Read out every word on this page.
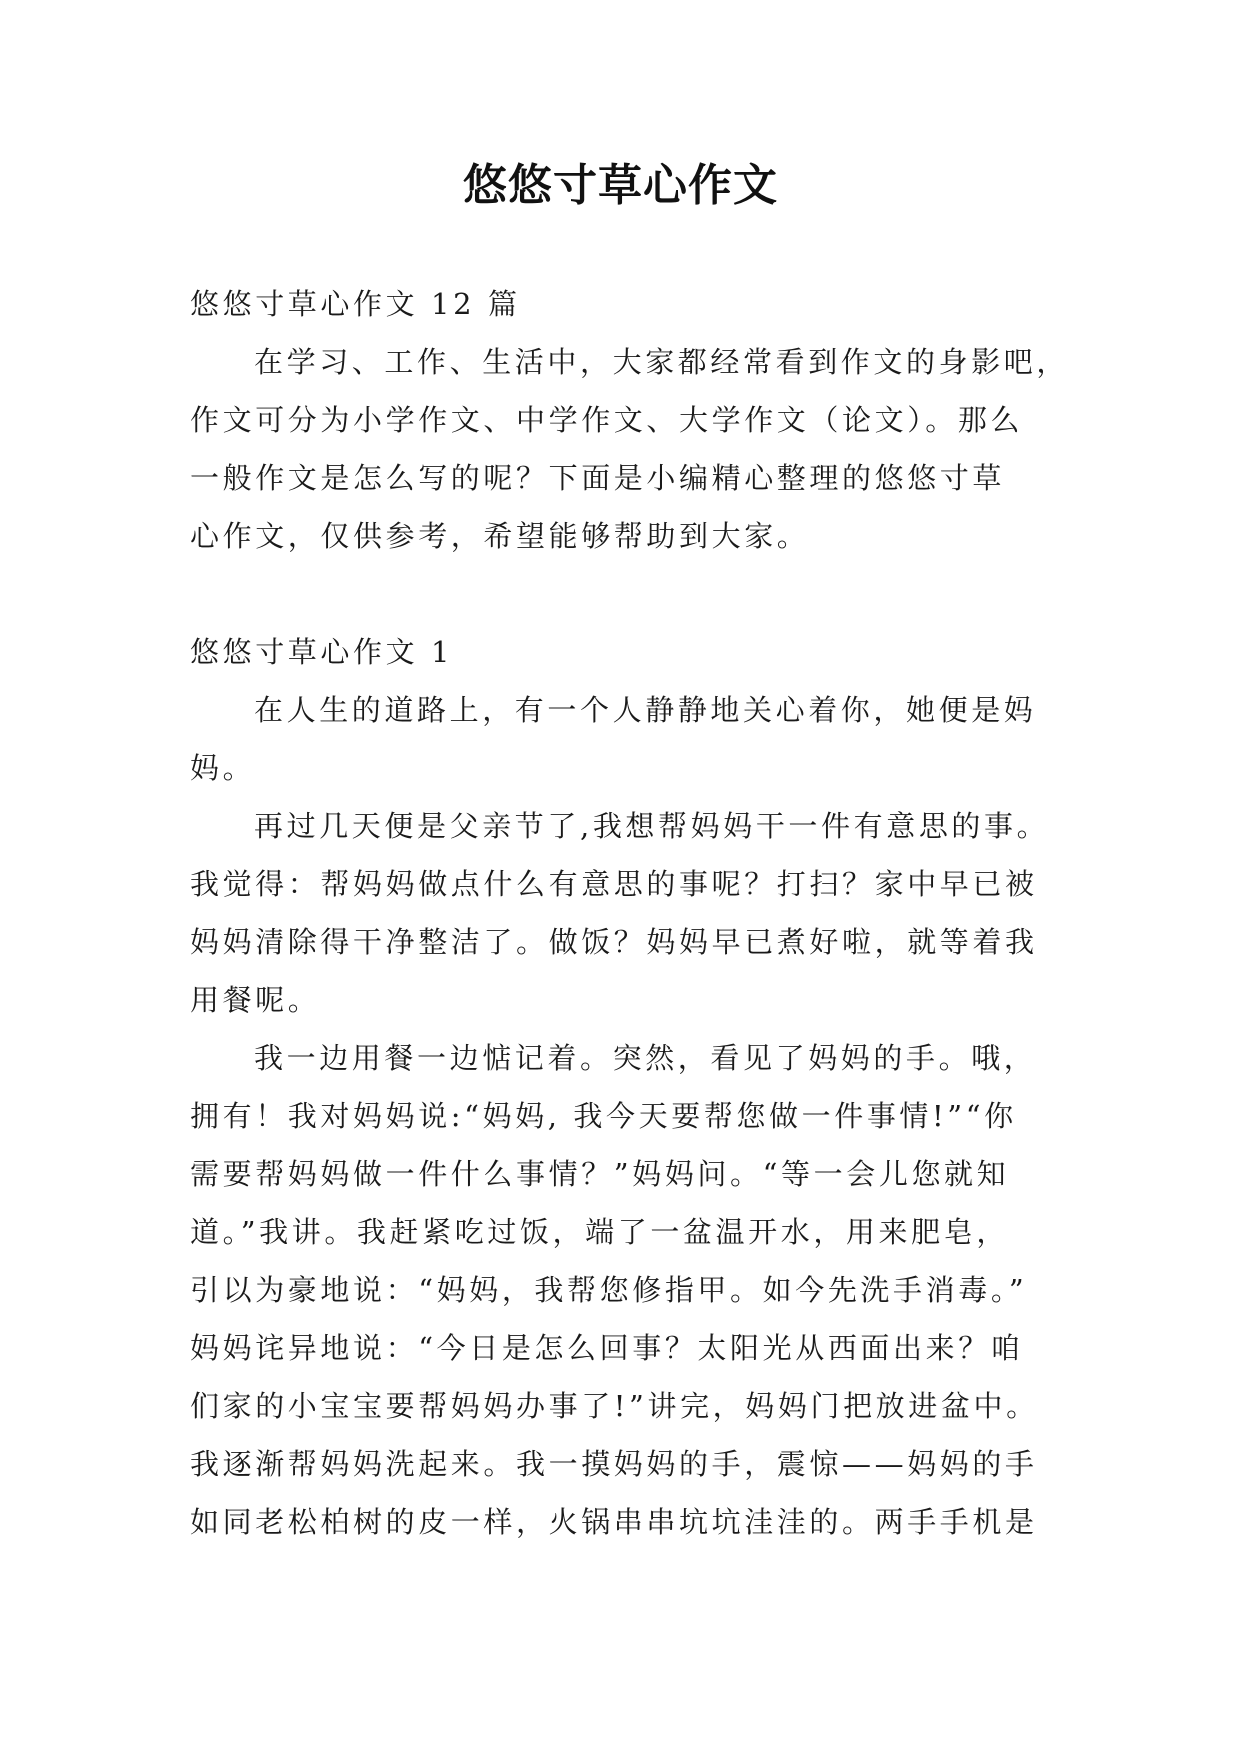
悠悠寸草心作文

悠悠寸草心作文 12 篇

在学习、工作、生活中，大家都经常看到作文的身影吧，

作文可分为小学作文、中学作文、大学作文（论文）。那么

一般作文是怎么写的呢？下面是小编精心整理的悠悠寸草

心作文，仅供参考，希望能够帮助到大家。

悠悠寸草心作文 1

在人生的道路上，有一个人静静地关心着你，她便是妈

妈。

再过几天便是父亲节了,我想帮妈妈干一件有意思的事。

我觉得：帮妈妈做点什么有意思的事呢？打扫？家中早已被

妈妈清除得干净整洁了。做饭？妈妈早已煮好啦，就等着我

用餐呢。

我一边用餐一边惦记着。突然，看见了妈妈的手。哦，

拥有！我对妈妈说:“妈妈, 我今天要帮您做一件事情!”“你

需要帮妈妈做一件什么事情？”妈妈问。“等一会儿您就知

道。”我讲。我赶紧吃过饭，端了一盆温开水，用来肥皂，

引以为豪地说：“妈妈，我帮您修指甲。如今先洗手消毒。”

妈妈诧异地说：“今日是怎么回事？太阳光从西面出来？咱

们家的小宝宝要帮妈妈办事了!”讲完，妈妈门把放进盆中。

我逐渐帮妈妈洗起来。我一摸妈妈的手，震惊——妈妈的手

如同老松柏树的皮一样，火锅串串坑坑洼洼的。两手手机是
